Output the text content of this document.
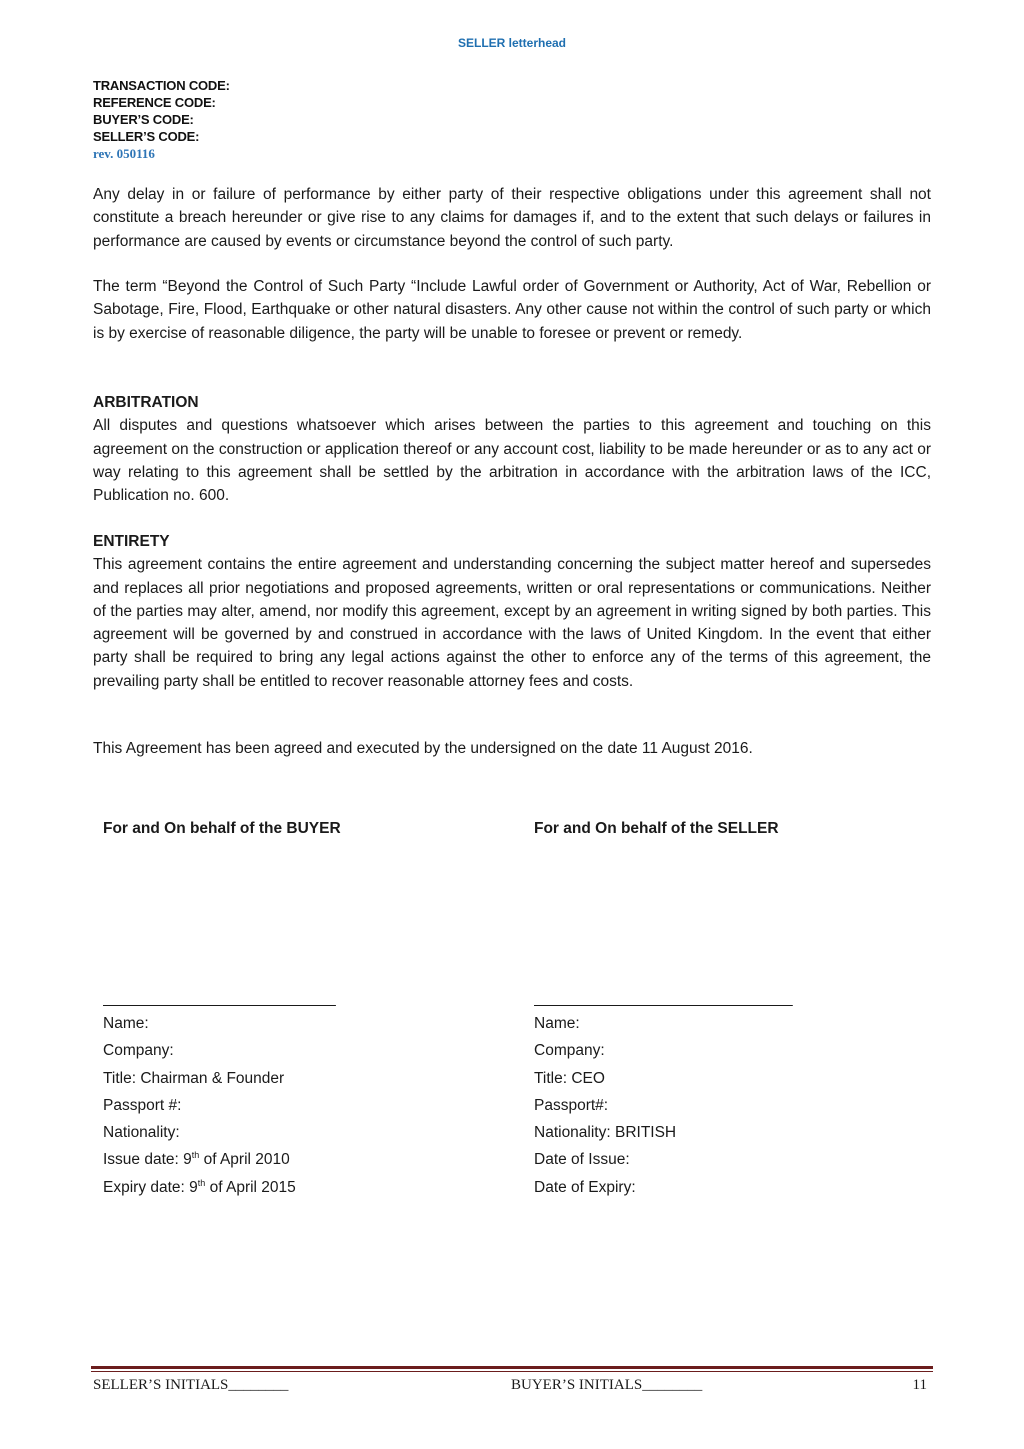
SELLER letterhead
TRANSACTION CODE:
REFERENCE CODE:
BUYER’S CODE:
SELLER’S CODE:
rev. 050116

Any delay in or failure of performance by either party of their respective obligations under this agreement shall not constitute a breach hereunder or give rise to any claims for damages if, and to the extent that such delays or failures in performance are caused by events or circumstance beyond the control of such party.

The term “Beyond the Control of Such Party “Include Lawful order of Government or Authority, Act of War, Rebellion or Sabotage, Fire, Flood, Earthquake or other natural disasters. Any other cause not within the control of such party or which is by exercise of reasonable diligence, the party will be unable to foresee or prevent or remedy.

ARBITRATION

All disputes and questions whatsoever which arises between the parties to this agreement and touching on this agreement on the construction or application thereof or any account cost, liability to be made hereunder or as to any act or way relating to this agreement shall be settled by the arbitration in accordance with the arbitration laws of the ICC, Publication no. 600.

ENTIRETY

This agreement contains the entire agreement and understanding concerning the subject matter hereof and supersedes and replaces all prior negotiations and proposed agreements, written or oral representations or communications. Neither of the parties may alter, amend, nor modify this agreement, except by an agreement in writing signed by both parties. This agreement will be governed by and construed in accordance with the laws of United Kingdom. In the event that either party shall be required to bring any legal actions against the other to enforce any of the terms of this agreement, the prevailing party shall be entitled to recover reasonable attorney fees and costs.

This Agreement has been agreed and executed by the undersigned on the date 11 August 2016.

For and On behalf of the BUYER
___________________________
Name:
Company:
Title: Chairman & Founder
Passport #:
Nationality:
Issue date: 9th of April 2010
Expiry date: 9th of April 2015
For and On behalf of the SELLER
______________________________
Name:
Company:
Title: CEO
Passport#:
Nationality: BRITISH
Date of Issue:
Date of Expiry:
SELLER’S INITIALS________	BUYER’S INITIALS________	11
